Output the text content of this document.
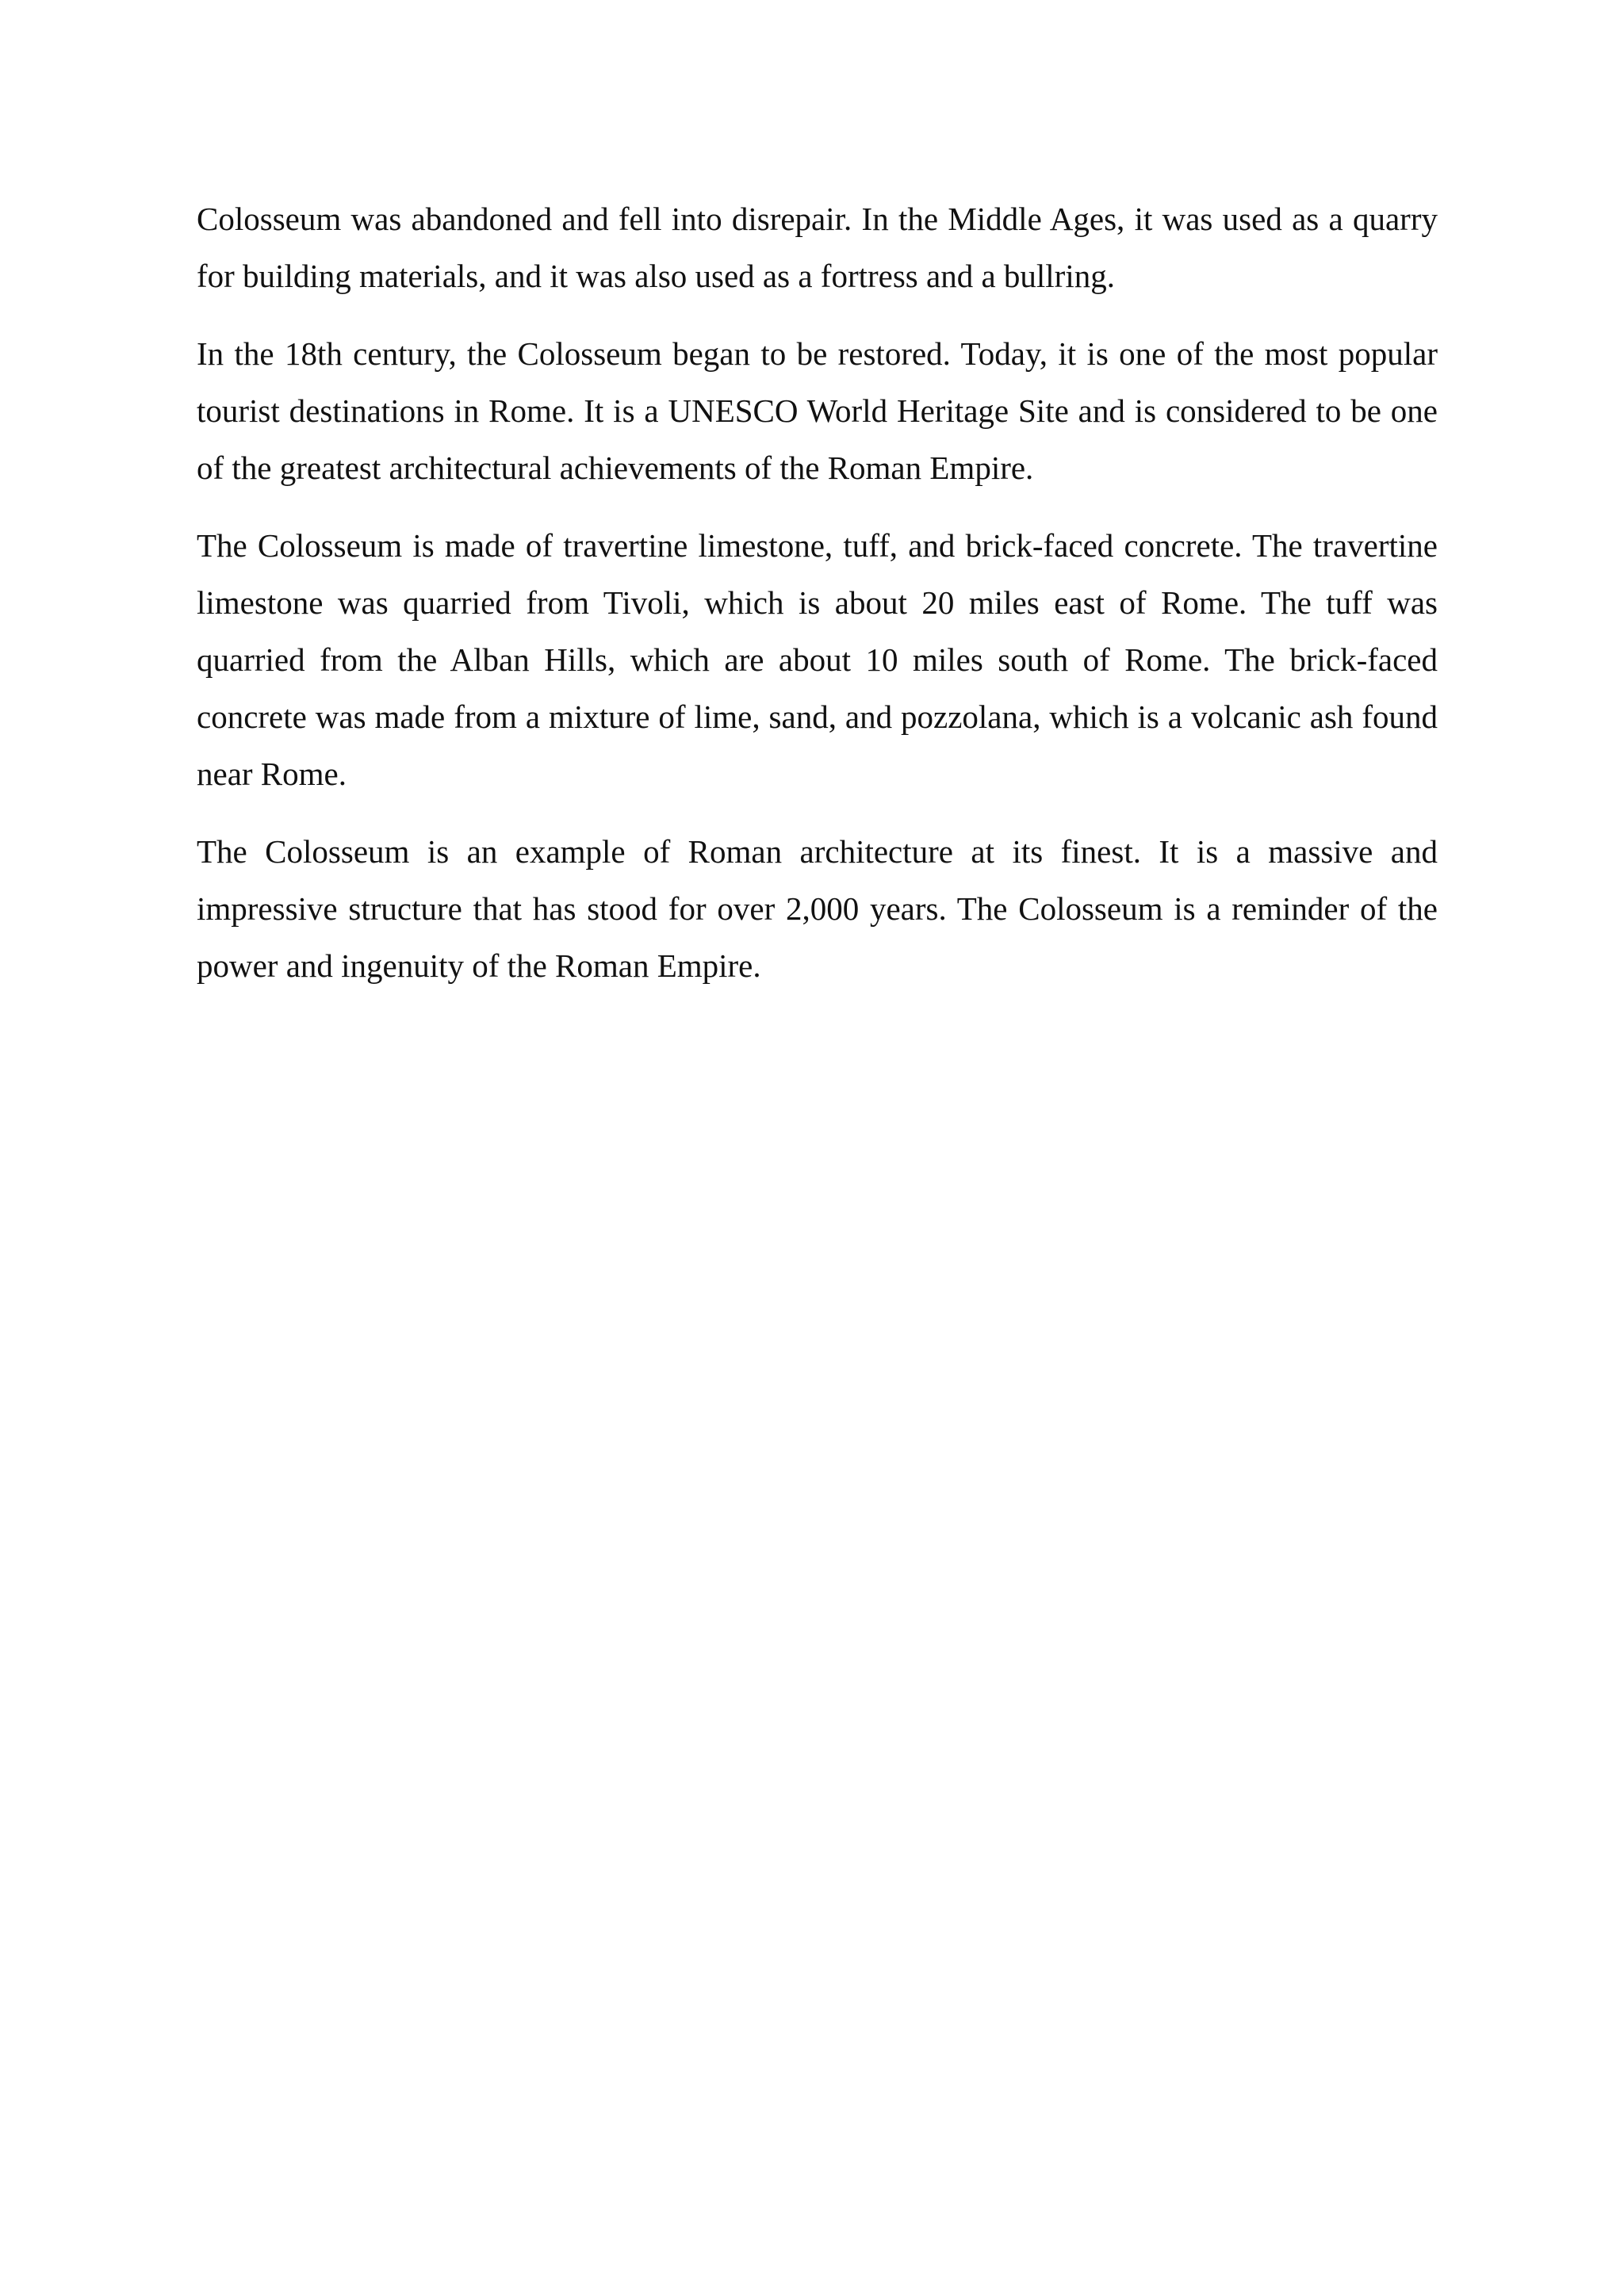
Colosseum was abandoned and fell into disrepair. In the Middle Ages, it was used as a quarry for building materials, and it was also used as a fortress and a bullring.

In the 18th century, the Colosseum began to be restored. Today, it is one of the most popular tourist destinations in Rome. It is a UNESCO World Heritage Site and is considered to be one of the greatest architectural achievements of the Roman Empire.

The Colosseum is made of travertine limestone, tuff, and brick-faced concrete. The travertine limestone was quarried from Tivoli, which is about 20 miles east of Rome. The tuff was quarried from the Alban Hills, which are about 10 miles south of Rome. The brick-faced concrete was made from a mixture of lime, sand, and pozzolana, which is a volcanic ash found near Rome.

The Colosseum is an example of Roman architecture at its finest. It is a massive and impressive structure that has stood for over 2,000 years. The Colosseum is a reminder of the power and ingenuity of the Roman Empire.
